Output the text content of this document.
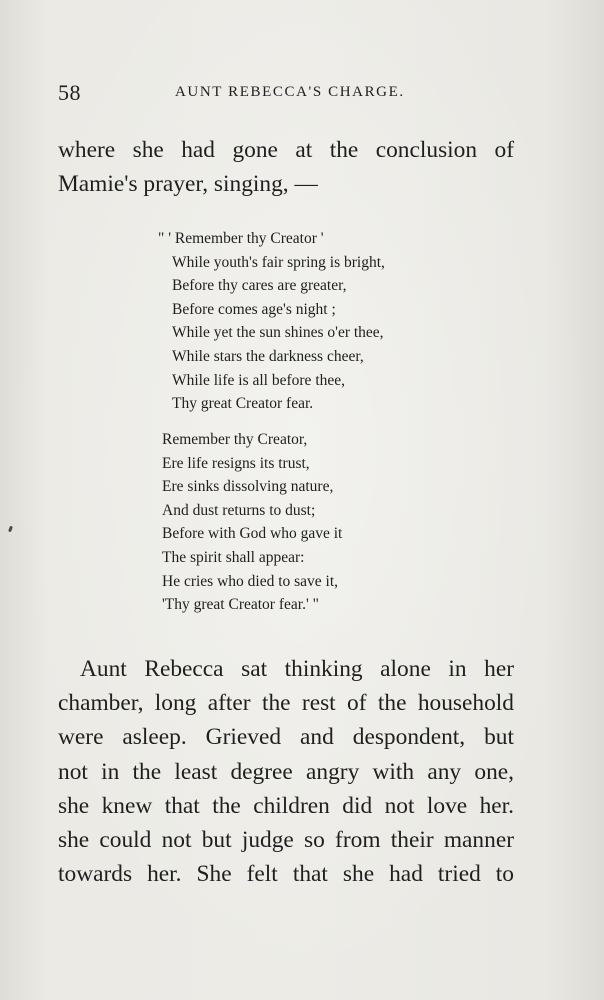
58	AUNT REBECCA'S CHARGE.
where she had gone at the conclusion of
Mamie's prayer, singing, —
" ' Remember thy Creator '
While youth's fair spring is bright,
Before thy cares are greater,
Before comes age's night ;
While yet the sun shines o'er thee,
While stars the darkness cheer,
While life is all before thee,
Thy great Creator fear.
Remember thy Creator,
Ere life resigns its trust,
Ere sinks dissolving nature,
And dust returns to dust;
Before with God who gave it
The spirit shall appear:
He cries who died to save it,
'Thy great Creator fear.' "
Aunt Rebecca sat thinking alone in her
chamber, long after the rest of the household
were asleep. Grieved and despondent, but
not in the least degree angry with any one,
she knew that the children did not love her.
she could not but judge so from their manner
towards her. She felt that she had tried to
